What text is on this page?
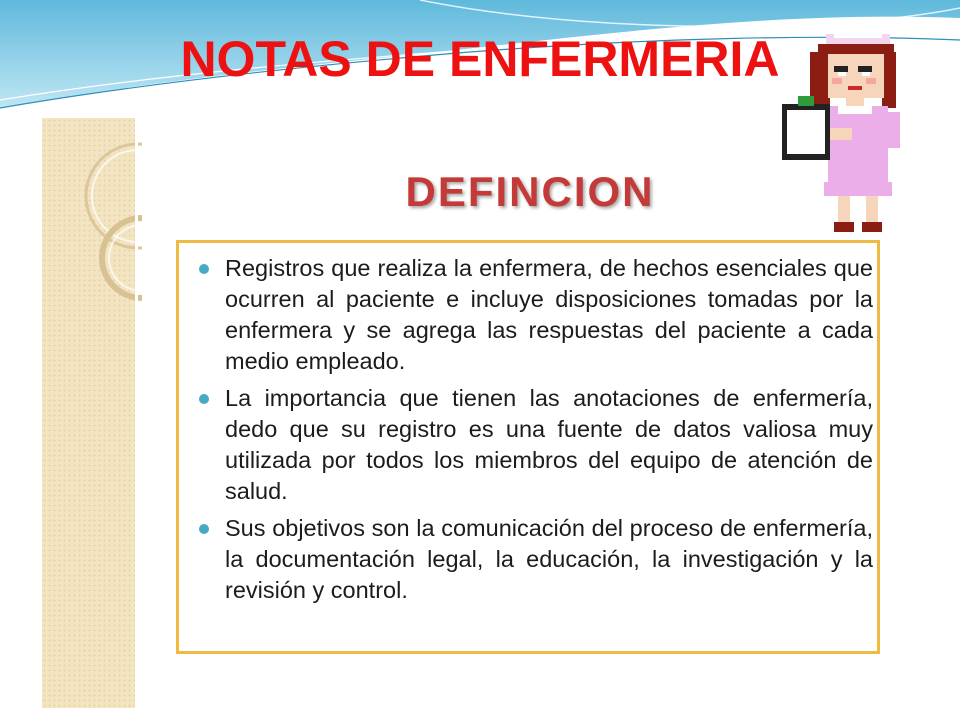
NOTAS DE ENFERMERIA
DEFINCION
Registros que realiza la enfermera, de hechos esenciales que ocurren al paciente e incluye disposiciones tomadas por la enfermera y se agrega las respuestas del paciente a cada medio empleado.
La importancia que tienen las anotaciones de enfermería, dedo que su registro es una fuente de datos valiosa muy utilizada por todos los miembros del equipo de atención de salud.
Sus objetivos son la comunicación del proceso de enfermería, la documentación legal, la educación, la investigación y la revisión y control.
